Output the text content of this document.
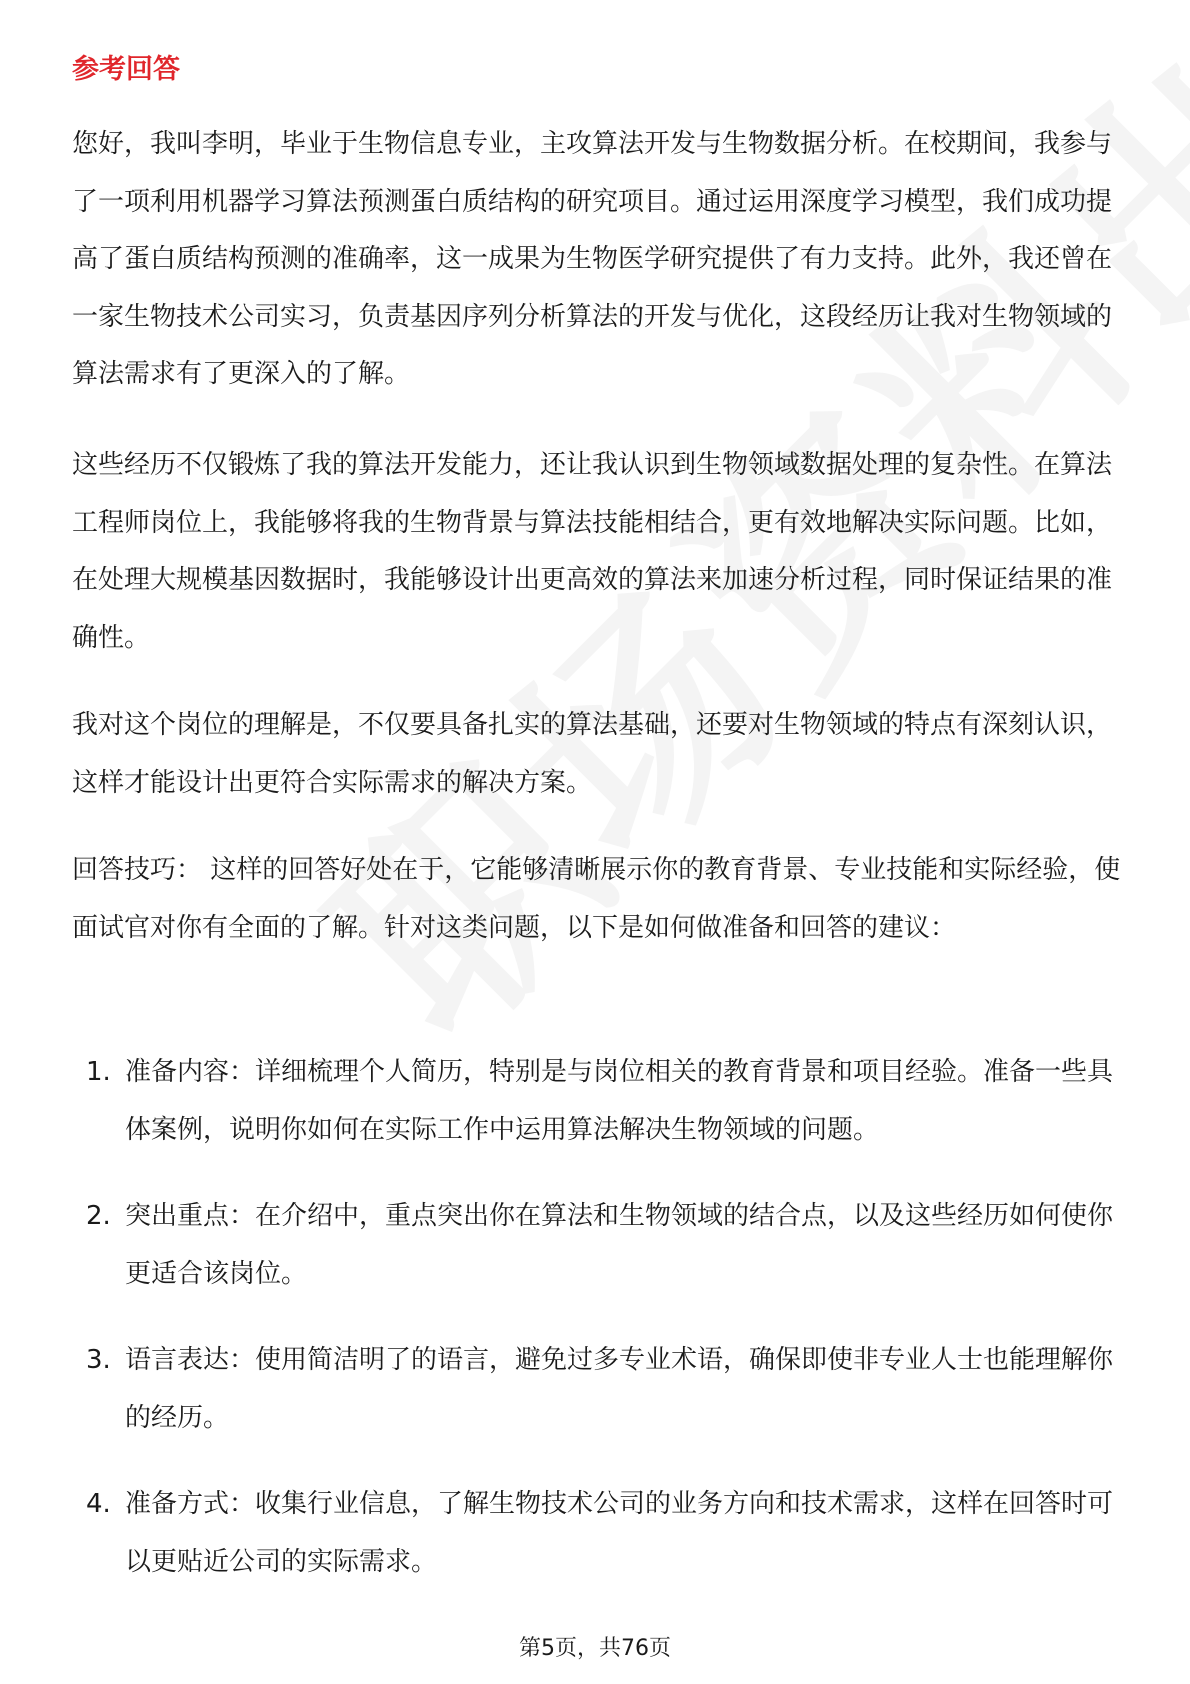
参考回答

您好，我叫李明，毕业于生物信息专业，主攻算法开发与生物数据分析。在校期间，我参与了一项利用机器学习算法预测蛋白质结构的研究项目。通过运用深度学习模型，我们成功提高了蛋白质结构预测的准确率，这一成果为生物医学研究提供了有力支持。此外，我还曾在一家生物技术公司实习，负责基因序列分析算法的开发与优化，这段经历让我对生物领域的算法需求有了更深入的了解。

这些经历不仅锻炼了我的算法开发能力，还让我认识到生物领域数据处理的复杂性。在算法工程师岗位上，我能够将我的生物背景与算法技能相结合，更有效地解决实际问题。比如，在处理大规模基因数据时，我能够设计出更高效的算法来加速分析过程，同时保证结果的准确性。

我对这个岗位的理解是，不仅要具备扎实的算法基础，还要对生物领域的特点有深刻认识，这样才能设计出更符合实际需求的解决方案。

回答技巧： 这样的回答好处在于，它能够清晰展示你的教育背景、专业技能和实际经验，使面试官对你有全面的了解。针对这类问题，以下是如何做准备和回答的建议：

1. 准备内容：详细梳理个人简历，特别是与岗位相关的教育背景和项目经验。准备一些具体案例，说明你如何在实际工作中运用算法解决生物领域的问题。
2. 突出重点：在介绍中，重点突出你在算法和生物领域的结合点，以及这些经历如何使你更适合该岗位。
3. 语言表达：使用简洁明了的语言，避免过多专业术语，确保即使非专业人士也能理解你的经历。
4. 准备方式：收集行业信息，了解生物技术公司的业务方向和技术需求，这样在回答时可以更贴近公司的实际需求。
第5页，共76页
